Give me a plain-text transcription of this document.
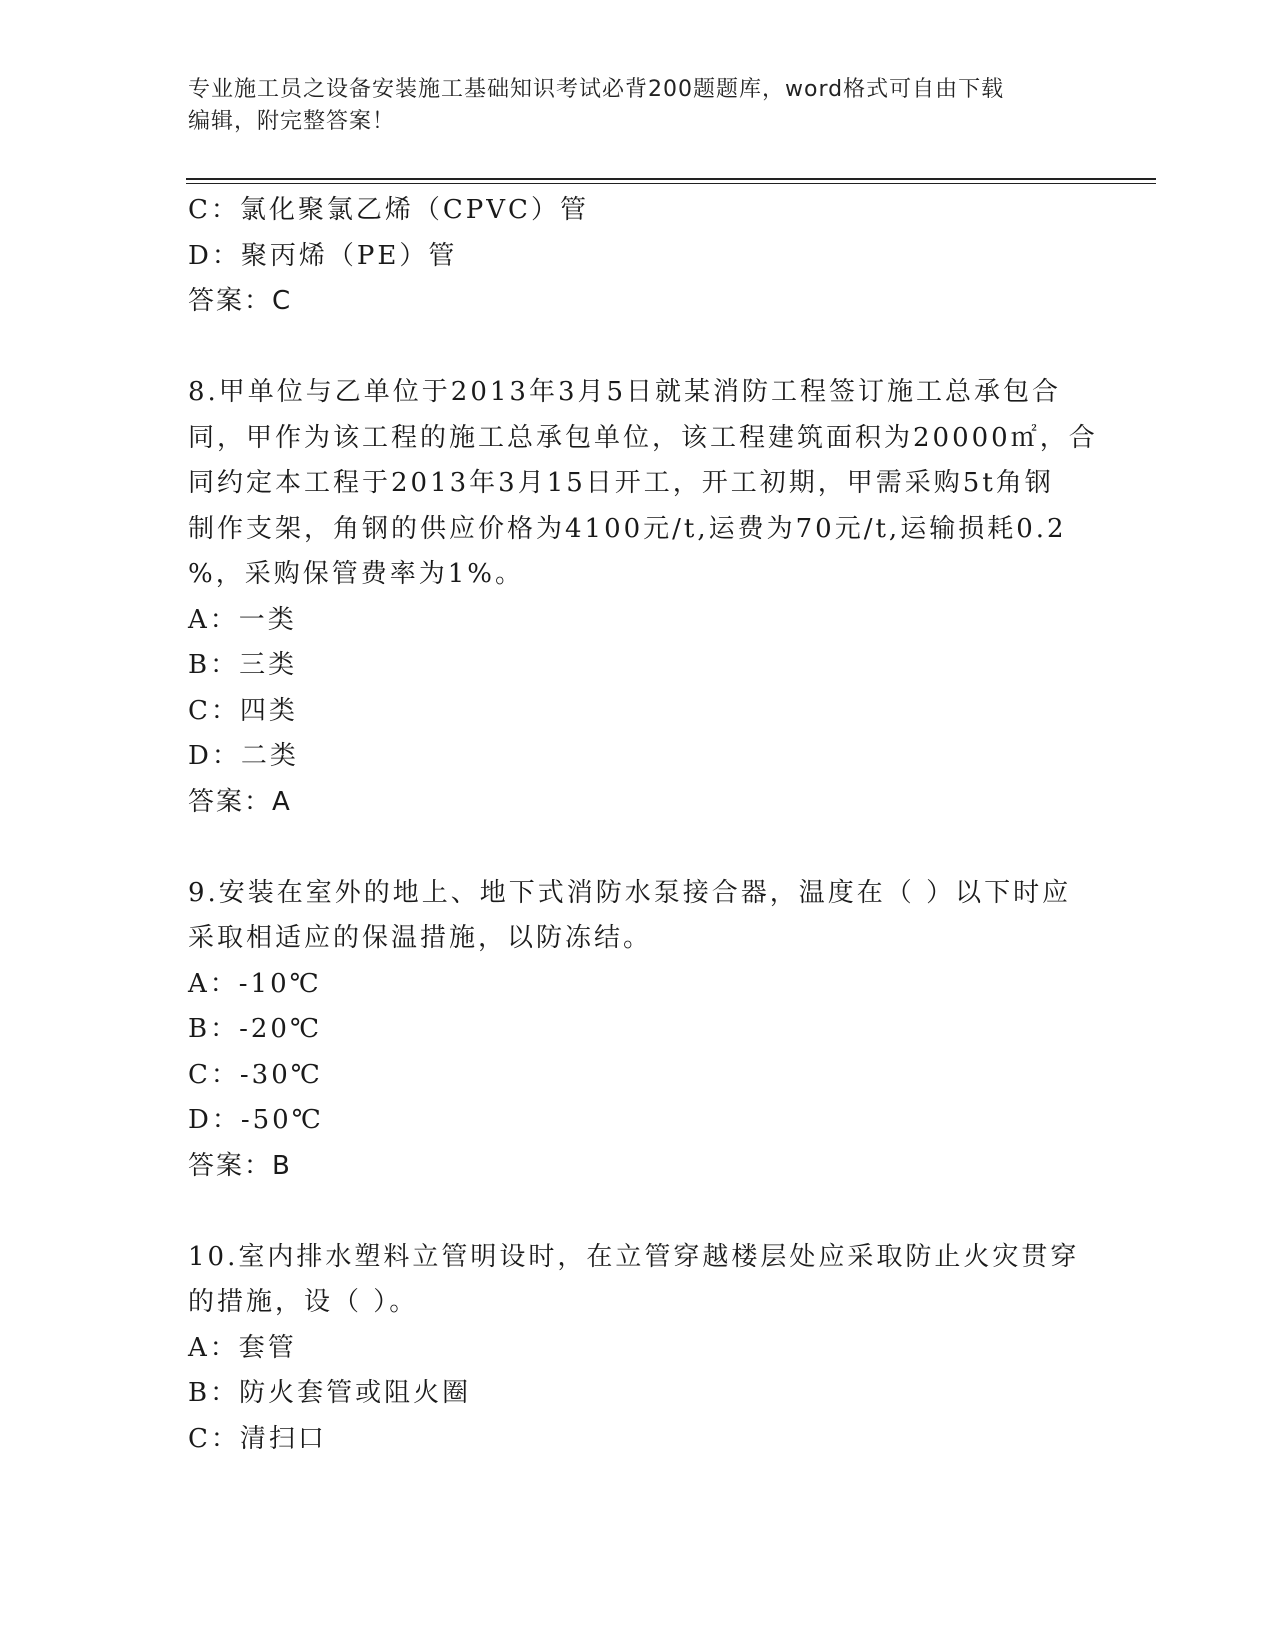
专业施工员之设备安装施工基础知识考试必背200题题库，word格式可自由下载
编辑，附完整答案！
C：氯化聚氯乙烯（CPVC）管
D：聚丙烯（PE）管
答案：C
8.甲单位与乙单位于2013年3月5日就某消防工程签订施工总承包合
同，甲作为该工程的施工总承包单位，该工程建筑面积为20000㎡，合
同约定本工程于2013年3月15日开工，开工初期，甲需采购5t角钢
制作支架，角钢的供应价格为4100元/t,运费为70元/t,运输损耗0.2
%，采购保管费率为1%。
A：一类
B：三类
C：四类
D：二类
答案：A
9.安装在室外的地上、地下式消防水泵接合器，温度在（ ）以下时应
采取相适应的保温措施，以防冻结。
A：-10℃
B：-20℃
C：-30℃
D：-50℃
答案：B
10.室内排水塑料立管明设时，在立管穿越楼层处应采取防止火灾贯穿
的措施，设（ ）。
A：套管
B：防火套管或阻火圈
C：清扫口
